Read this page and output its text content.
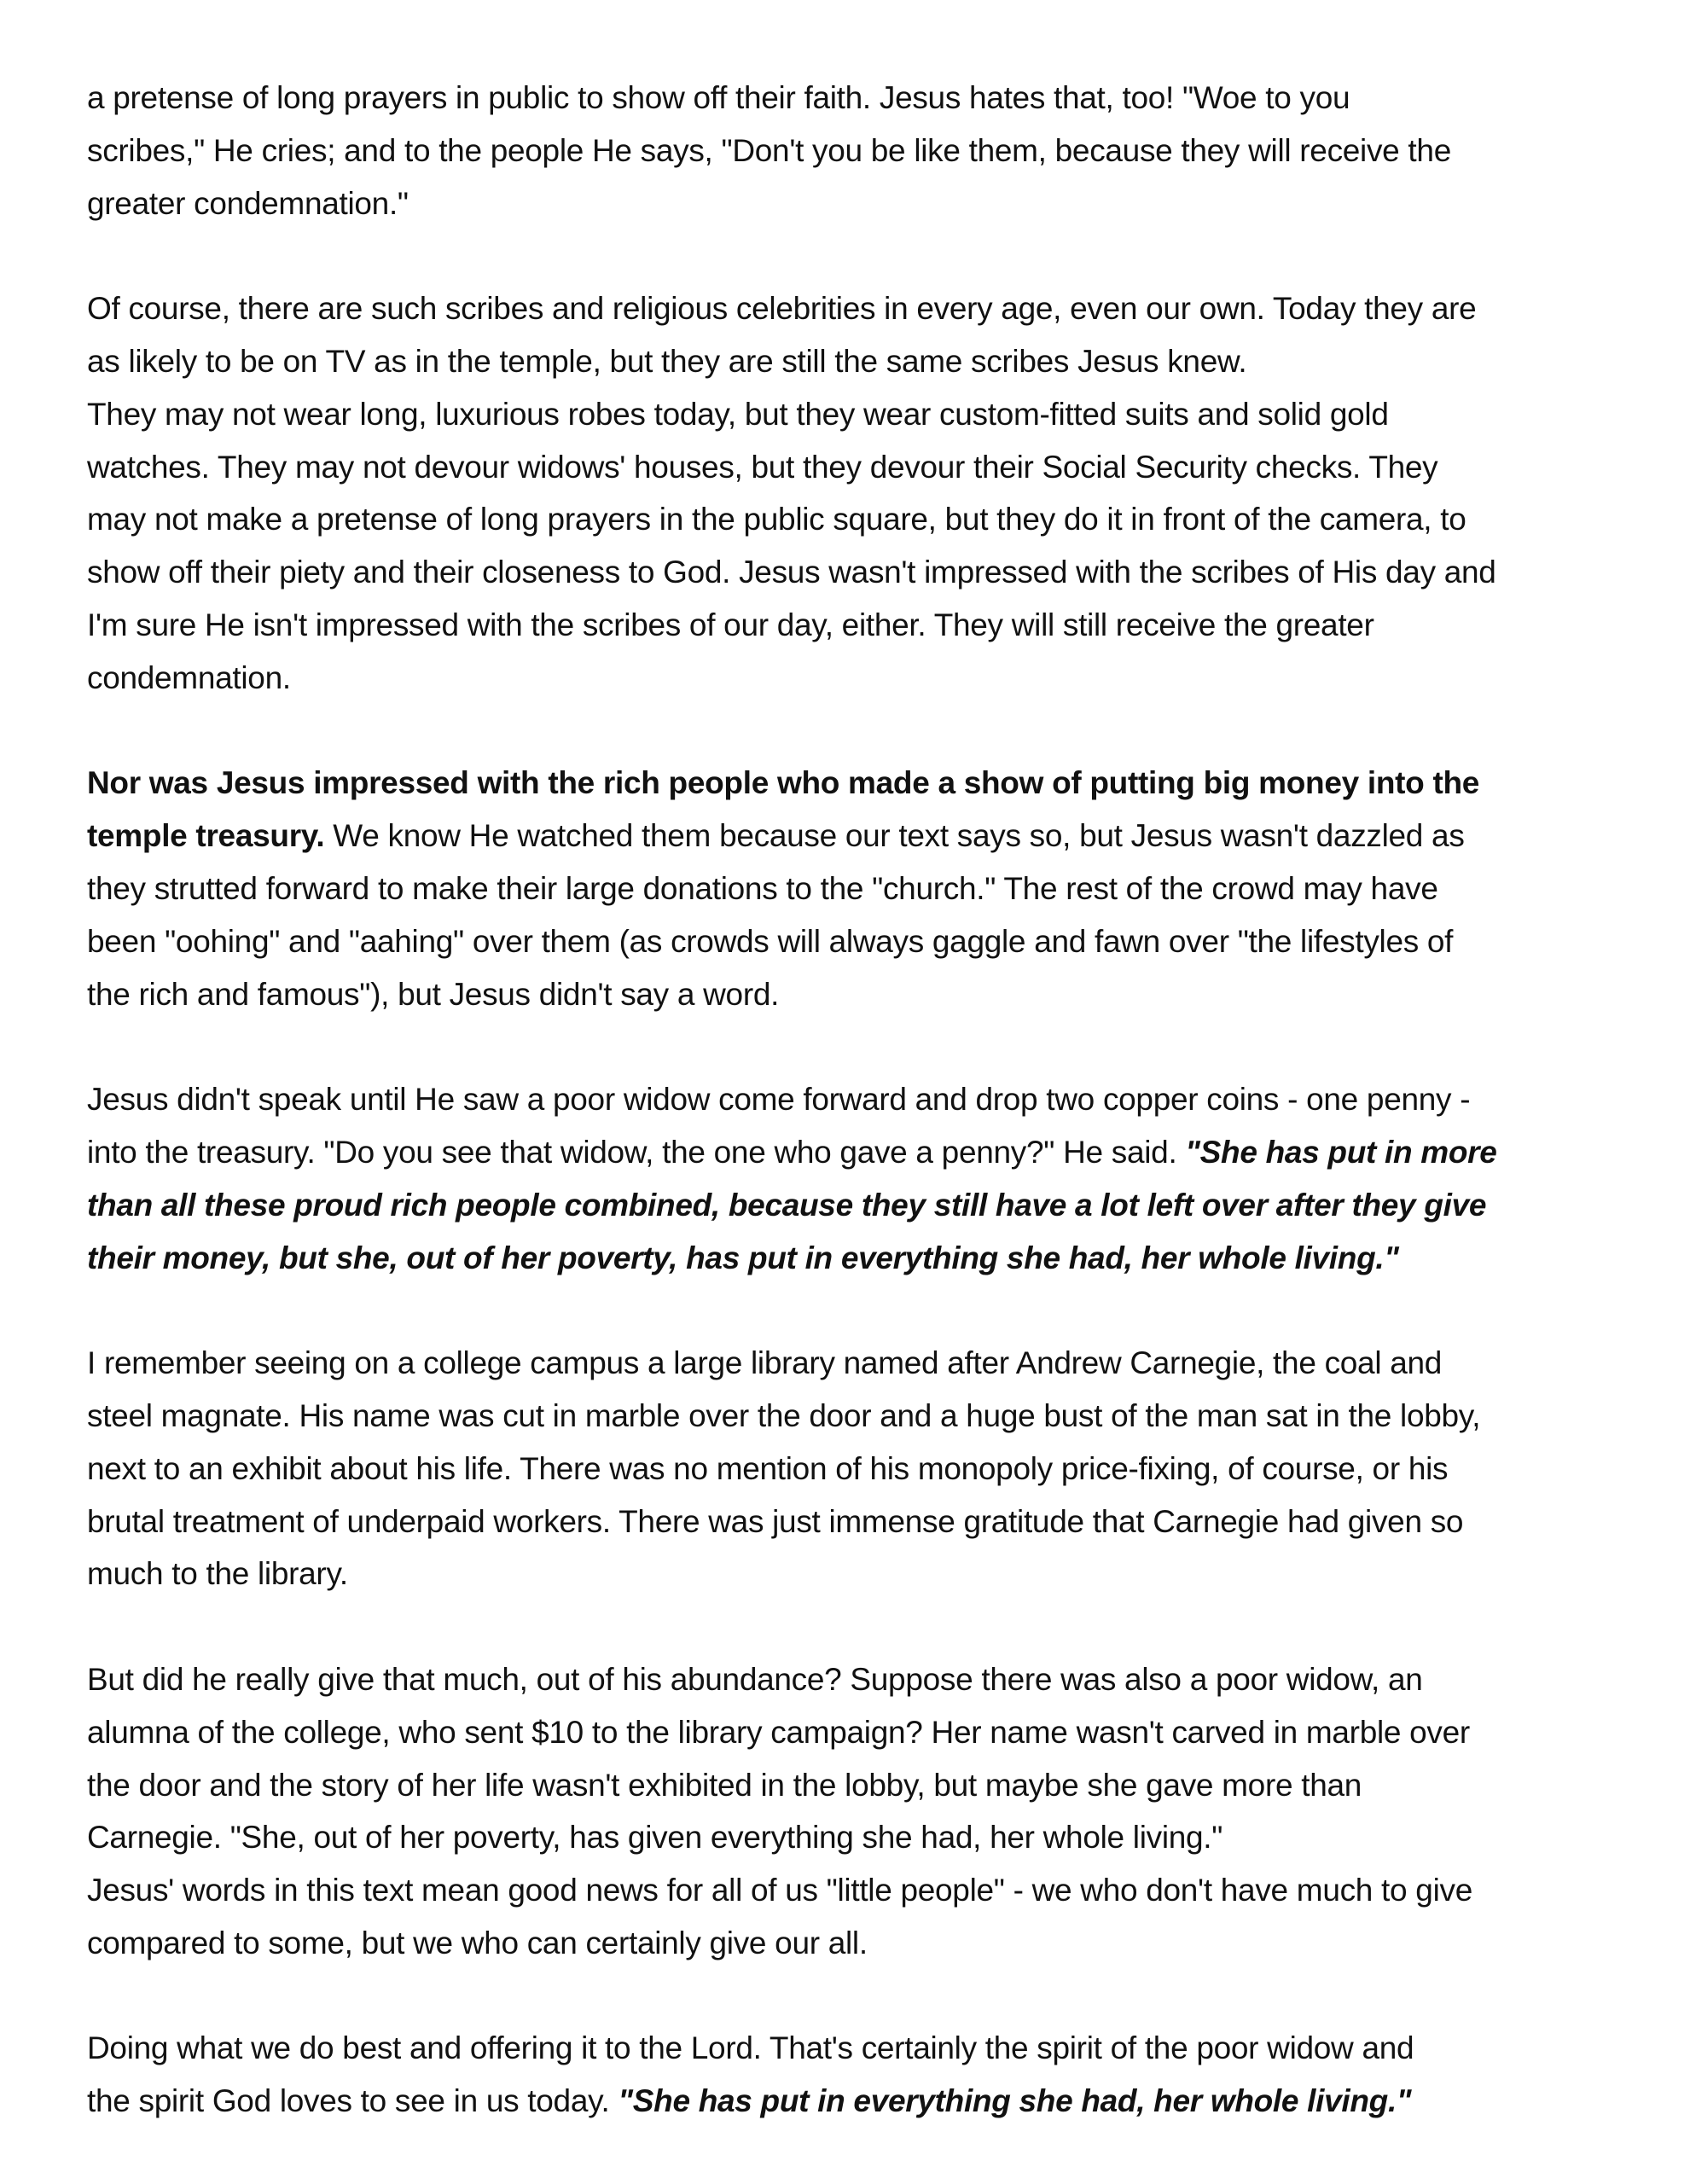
a pretense of long prayers in public to show off their faith. Jesus hates that, too! "Woe to you
scribes," He cries; and to the people He says, "Don't you be like them, because they will receive the
greater condemnation."

Of course, there are such scribes and religious celebrities in every age, even our own. Today they are
as likely to be on TV as in the temple, but they are still the same scribes Jesus knew.

They may not wear long, luxurious robes today, but they wear custom-fitted suits and solid gold
watches. They may not devour widows' houses, but they devour their Social Security checks. They
may not make a pretense of long prayers in the public square, but they do it in front of the camera, to
show off their piety and their closeness to God. Jesus wasn't impressed with the scribes of His day and
I'm sure He isn't impressed with the scribes of our day, either. They will still receive the greater
condemnation.

Nor was Jesus impressed with the rich people who made a show of putting big money into the
temple treasury. We know He watched them because our text says so, but Jesus wasn't dazzled as
they strutted forward to make their large donations to the "church." The rest of the crowd may have
been "oohing" and "aahing" over them (as crowds will always gaggle and fawn over "the lifestyles of
the rich and famous"), but Jesus didn't say a word.

Jesus didn't speak until He saw a poor widow come forward and drop two copper coins - one penny -
into the treasury. "Do you see that widow, the one who gave a penny?" He said. "She has put in more
than all these proud rich people combined, because they still have a lot left over after they give
their money, but she, out of her poverty, has put in everything she had, her whole living."

I remember seeing on a college campus a large library named after Andrew Carnegie, the coal and
steel magnate. His name was cut in marble over the door and a huge bust of the man sat in the lobby,
next to an exhibit about his life. There was no mention of his monopoly price-fixing, of course, or his
brutal treatment of underpaid workers. There was just immense gratitude that Carnegie had given so
much to the library.

But did he really give that much, out of his abundance? Suppose there was also a poor widow, an
alumna of the college, who sent $10 to the library campaign? Her name wasn't carved in marble over
the door and the story of her life wasn't exhibited in the lobby, but maybe she gave more than
Carnegie. "She, out of her poverty, has given everything she had, her whole living."

Jesus' words in this text mean good news for all of us "little people" - we who don't have much to give
compared to some, but we who can certainly give our all.

Doing what we do best and offering it to the Lord. That's certainly the spirit of the poor widow and
the spirit God loves to see in us today. "She has put in everything she had, her whole living."
